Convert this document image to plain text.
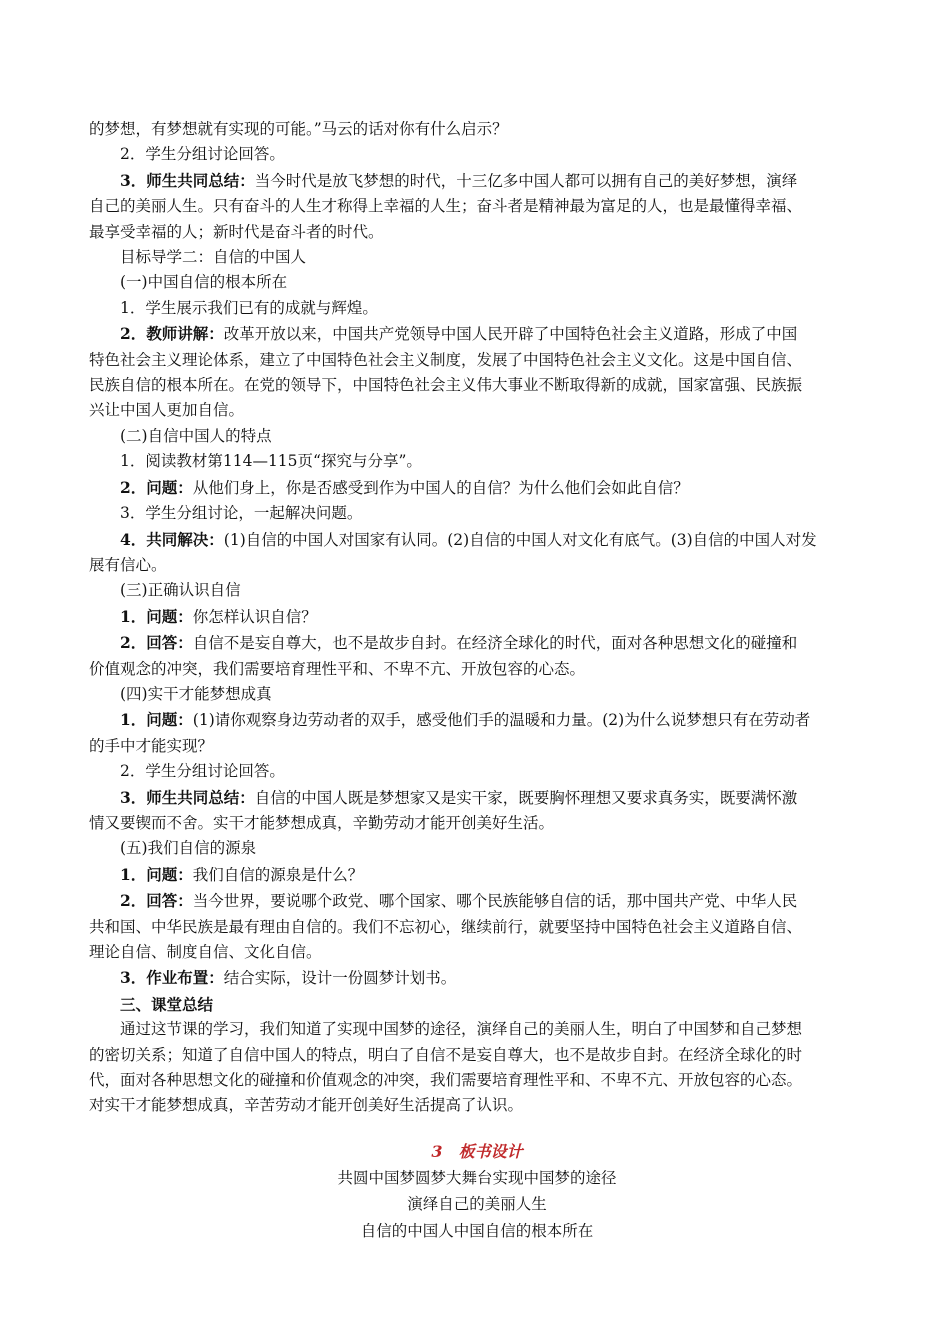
的梦想，有梦想就有实现的可能。”马云的话对你有什么启示？

2．学生分组讨论回答。

3．师生共同总结：当今时代是放飞梦想的时代，十三亿多中国人都可以拥有自己的美好梦想，演绎

自己的美丽人生。只有奋斗的人生才称得上幸福的人生；奋斗者是精神最为富足的人，也是最懂得幸福、

最享受幸福的人；新时代是奋斗者的时代。

目标导学二：自信的中国人

(一)中国自信的根本所在

1．学生展示我们已有的成就与辉煌。

2．教师讲解：改革开放以来，中国共产党领导中国人民开辟了中国特色社会主义道路，形成了中国

特色社会主义理论体系，建立了中国特色社会主义制度，发展了中国特色社会主义文化。这是中国自信、

民族自信的根本所在。在党的领导下，中国特色社会主义伟大事业不断取得新的成就，国家富强、民族振

兴让中国人更加自信。

(二)自信中国人的特点

1．阅读教材第114—115页“探究与分享”。

2．问题：从他们身上，你是否感受到作为中国人的自信？为什么他们会如此自信？

3．学生分组讨论，一起解决问题。

4．共同解决：(1)自信的中国人对国家有认同。(2)自信的中国人对文化有底气。(3)自信的中国人对发

展有信心。

(三)正确认识自信

1．问题：你怎样认识自信？

2．回答：自信不是妄自尊大，也不是故步自封。在经济全球化的时代，面对各种思想文化的碰撞和

价值观念的冲突，我们需要培育理性平和、不卑不亢、开放包容的心态。

(四)实干才能梦想成真

1．问题：(1)请你观察身边劳动者的双手，感受他们手的温暖和力量。(2)为什么说梦想只有在劳动者

的手中才能实现？

2．学生分组讨论回答。

3．师生共同总结：自信的中国人既是梦想家又是实干家，既要胸怀理想又要求真务实，既要满怀激

情又要锲而不舍。实干才能梦想成真，辛勤劳动才能开创美好生活。

(五)我们自信的源泉

1．问题：我们自信的源泉是什么？

2．回答：当今世界，要说哪个政党、哪个国家、哪个民族能够自信的话，那中国共产党、中华人民

共和国、中华民族是最有理由自信的。我们不忘初心，继续前行，就要坚持中国特色社会主义道路自信、

理论自信、制度自信、文化自信。

3．作业布置：结合实际，设计一份圆梦计划书。

三、课堂总结

通过这节课的学习，我们知道了实现中国梦的途径，演绎自己的美丽人生，明白了中国梦和自己梦想

的密切关系；知道了自信中国人的特点，明白了自信不是妄自尊大，也不是故步自封。在经济全球化的时

代，面对各种思想文化的碰撞和价值观念的冲突，我们需要培育理性平和、不卑不亢、开放包容的心态。

对实干才能梦想成真，辛苦劳动才能开创美好生活提高了认识。

3 板书设计
共圆中国梦圆梦大舞台实现中国梦的途径
演绎自己的美丽人生
自信的中国人中国自信的根本所在
